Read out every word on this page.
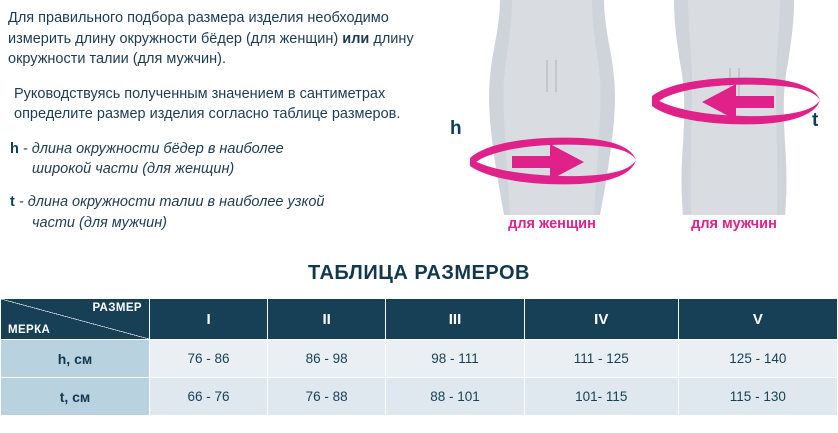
Для правильного подбора размера изделия необходимо измерить длину окружности бёдер (для женщин) или длину окружности талии (для мужчин).

Руководствуясь полученным значением в сантиметрах определите размер изделия согласно таблице размеров.

h - длина окружности бёдер в наиболее
широкой части (для женщин)
t - длина окружности талии в наиболее узкой
части (для мужчин)
h	t
для женщин	для мужчин
ТАБЛИЦА РАЗМЕРОВ
РАЗМЕР
МЕРКА	I	II	III	IV	V
h, см	76 - 86	86 - 98	98 - 111	111 - 125	125 - 140
t, см	66 - 76	76 - 88	88 - 101	101- 115	115 - 130
